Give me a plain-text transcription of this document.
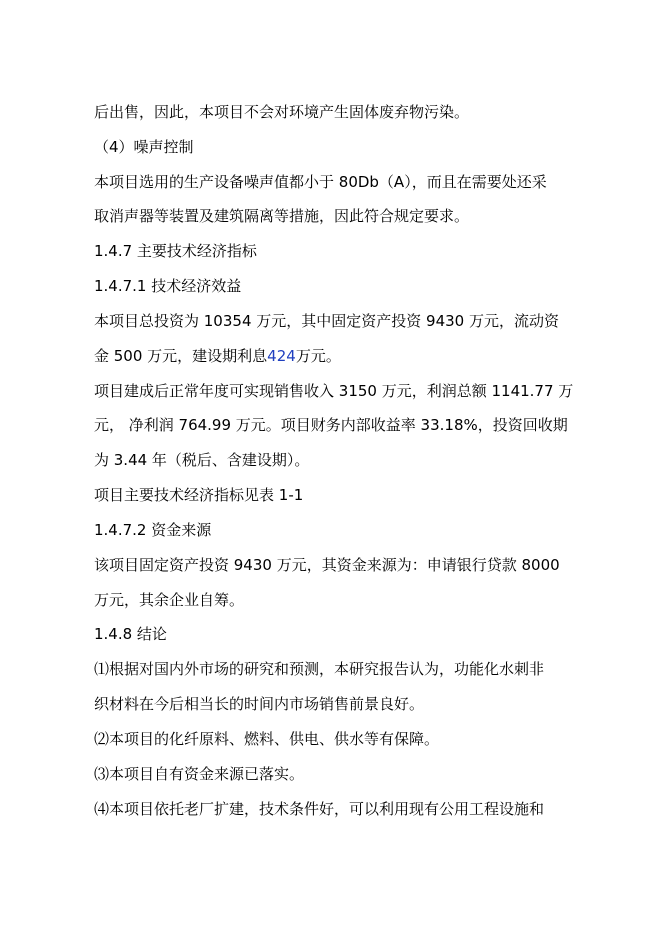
后出售，因此，本项目不会对环境产生固体废弃物污染。
（4）噪声控制
本项目选用的生产设备噪声值都小于 80Db（A），而且在需要处还采
取消声器等装置及建筑隔离等措施，因此符合规定要求。
1.4.7 主要技术经济指标
1.4.7.1 技术经济效益
本项目总投资为 10354 万元，其中固定资产投资 9430 万元，流动资
金 500 万元，建设期利息424万元。
项目建成后正常年度可实现销售收入 3150 万元，利润总额 1141.77 万
元， 净利润 764.99 万元。项目财务内部收益率 33.18%，投资回收期
为 3.44 年（税后、含建设期）。
项目主要技术经济指标见表 1-1
1.4.7.2 资金来源
该项目固定资产投资 9430 万元，其资金来源为：申请银行贷款 8000
万元，其余企业自筹。
1.4.8 结论
⑴根据对国内外市场的研究和预测，本研究报告认为，功能化水刺非
织材料在今后相当长的时间内市场销售前景良好。
⑵本项目的化纤原料、燃料、供电、供水等有保障。
⑶本项目自有资金来源已落实。
⑷本项目依托老厂扩建，技术条件好，可以利用现有公用工程设施和
